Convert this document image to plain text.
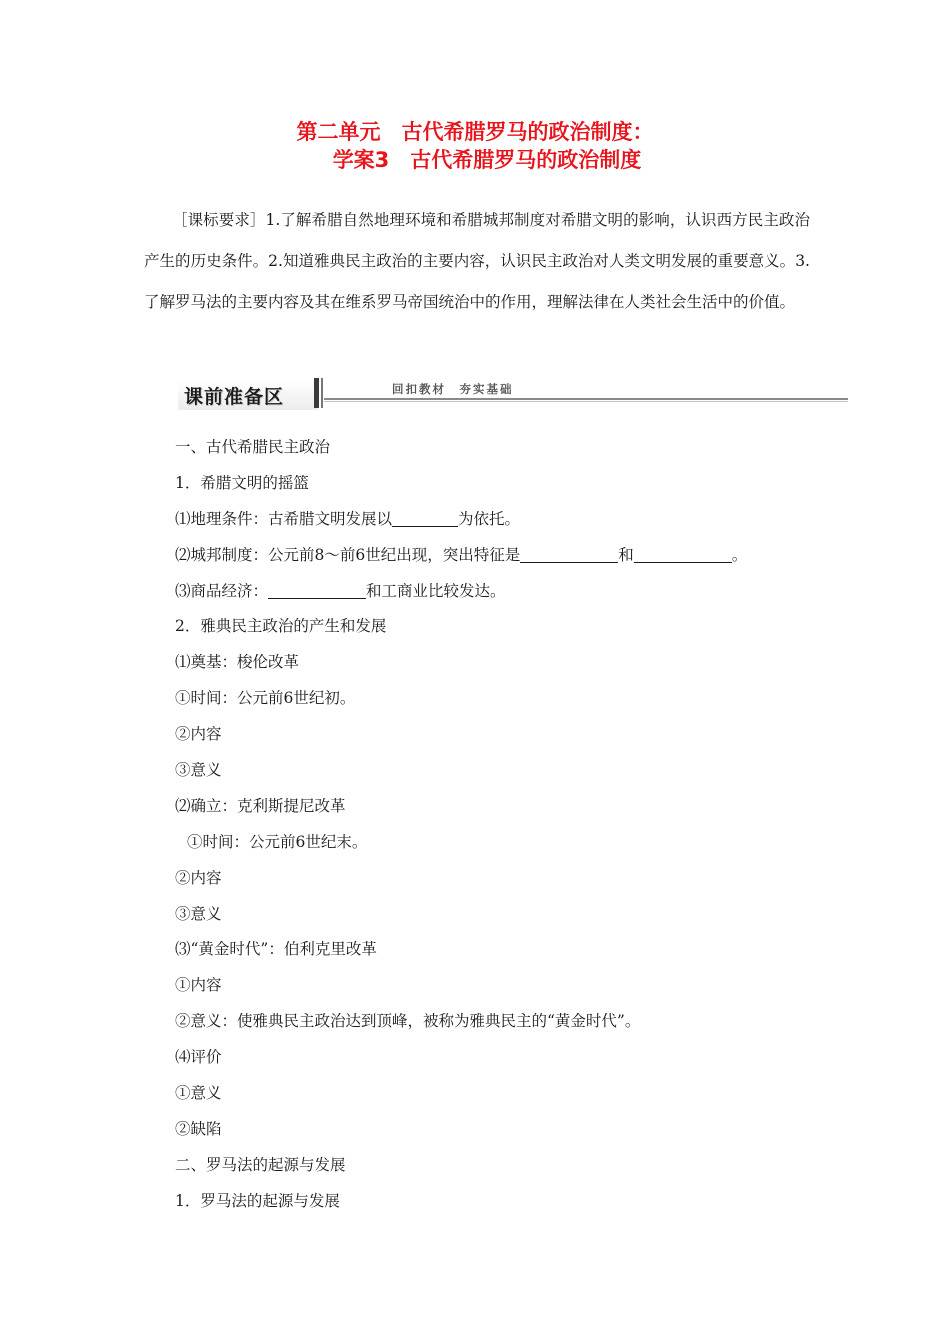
第二单元　古代希腊罗马的政治制度：
学案3　古代希腊罗马的政治制度
［课标要求］1.了解希腊自然地理环境和希腊城邦制度对希腊文明的影响，认识西方民主政治产生的历史条件。2.知道雅典民主政治的主要内容，认识民主政治对人类文明发展的重要意义。3.了解罗马法的主要内容及其在维系罗马帝国统治中的作用，理解法律在人类社会生活中的价值。
课前准备区	回扣教材　夯实基础
一、古代希腊民主政治
1．希腊文明的摇篮
⑴地理条件：古希腊文明发展以	为依托。
⑵城邦制度：公元前8～前6世纪出现，突出特征是	和	。
⑶商品经济：	和工商业比较发达。
2．雅典民主政治的产生和发展
⑴奠基：梭伦改革
①时间：公元前6世纪初。
②内容
③意义
⑵确立：克利斯提尼改革
①时间：公元前6世纪末。
②内容
③意义
⑶“黄金时代”：伯利克里改革
①内容
②意义：使雅典民主政治达到顶峰，被称为雅典民主的“黄金时代”。
⑷评价
①意义
②缺陷
二、罗马法的起源与发展
1．罗马法的起源与发展
